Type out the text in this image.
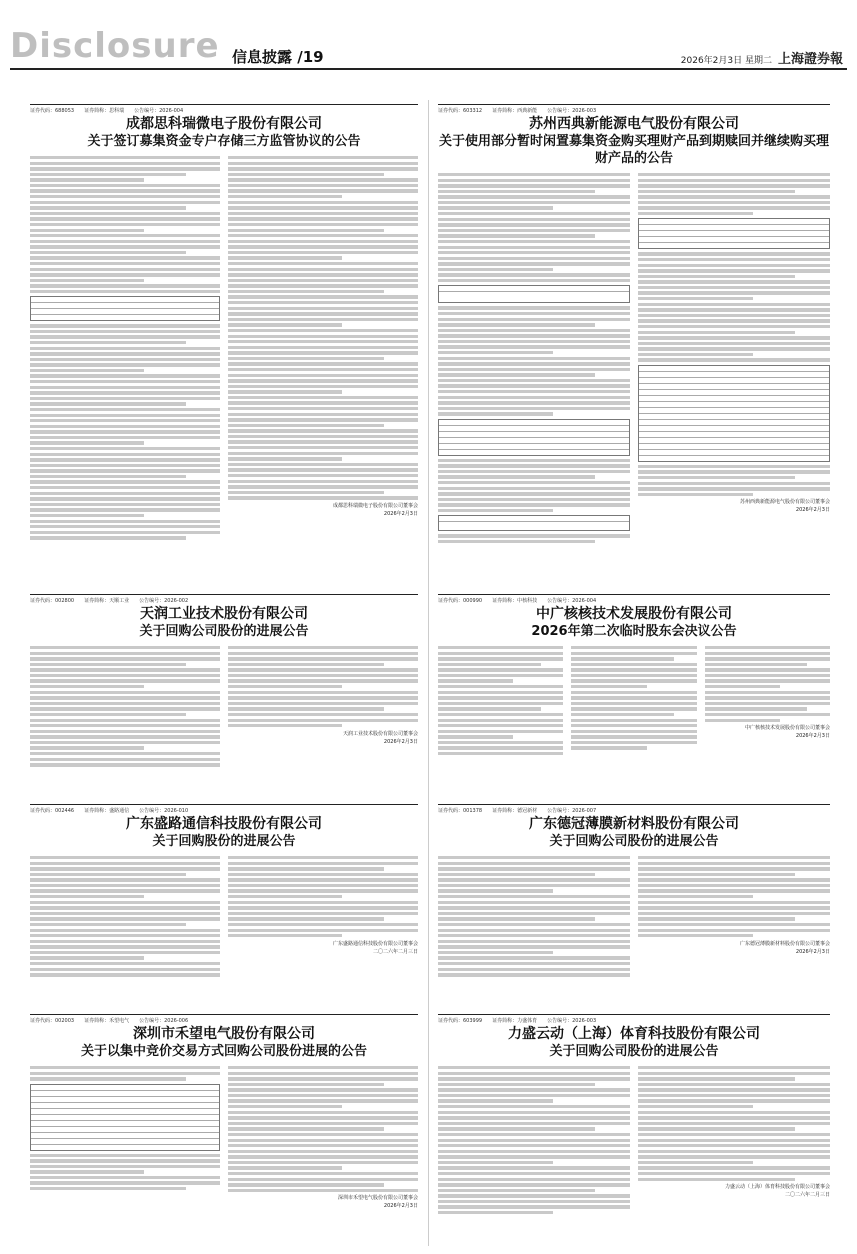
Disclosure 信息披露 /19	2026年2月3日 星期二 上海證券報
证券代码：688053　　证券简称：思科瑞　　公告编号：2026-004
成都思科瑞微电子股份有限公司
关于签订募集资金专户存储三方监管协议的公告
成都思科瑞微电子股份有限公司董事会
2026年2月3日
证券代码：603312　　证券简称：西典新能　　公告编号：2026-003
苏州西典新能源电气股份有限公司
关于使用部分暂时闲置募集资金购买理财产品到期赎回并继续购买理财产品的公告
苏州西典新能源电气股份有限公司董事会
2026年2月3日
证券代码：002800　　证券简称：天顺工业　　公告编号：2026-002
天润工业技术股份有限公司
关于回购公司股份的进展公告
天润工业技术股份有限公司董事会
2026年2月3日
证券代码：000990　　证券简称：中核科技　　公告编号：2026-004
中广核核技术发展股份有限公司
2026年第二次临时股东会决议公告
中广核核技术发展股份有限公司董事会
2026年2月3日
证券代码：002446　　证券简称：盛路通信　　公告编号：2026-010
广东盛路通信科技股份有限公司
关于回购股份的进展公告
广东盛路通信科技股份有限公司董事会
二〇二六年二月三日
证券代码：001378　　证券简称：德冠新材　　公告编号：2026-007
广东德冠薄膜新材料股份有限公司
关于回购公司股份的进展公告
广东德冠薄膜新材料股份有限公司董事会
2026年2月3日
证券代码：002003　　证券简称：禾望电气　　公告编号：2026-006
深圳市禾望电气股份有限公司
关于以集中竞价交易方式回购公司股份进展的公告
深圳市禾望电气股份有限公司董事会
2026年2月3日
证券代码：603999　　证券简称：力盛体育　　公告编号：2026-003
力盛云动（上海）体育科技股份有限公司
关于回购公司股份的进展公告
力盛云动（上海）体育科技股份有限公司董事会
二〇二六年二月三日
